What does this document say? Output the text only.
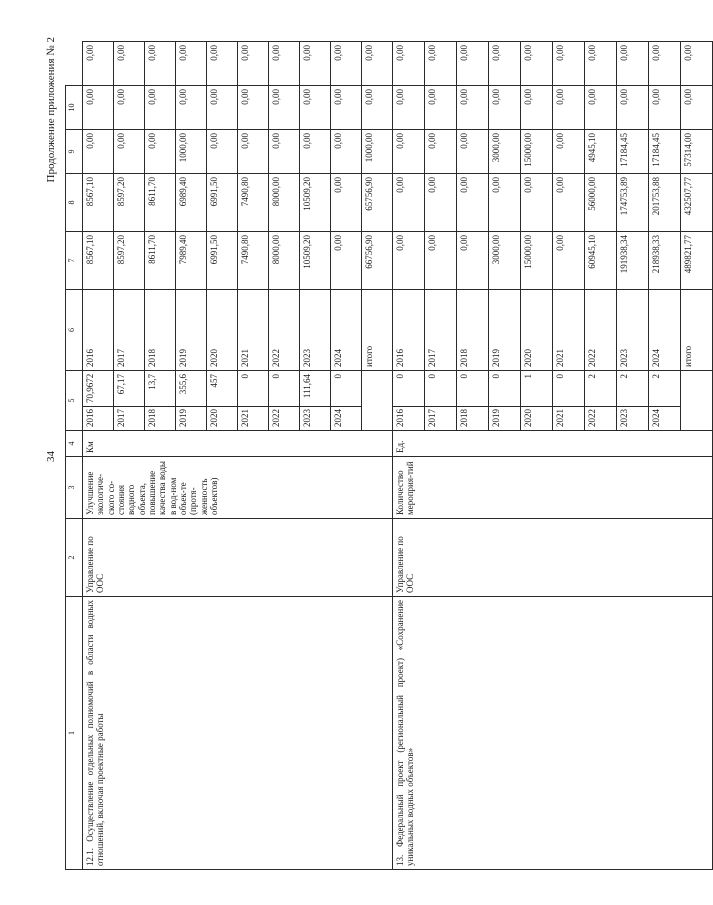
34
Продолжение приложения № 2
1	2	3	4	5		6	7	8	9	10	
12.1. Осуществление отдельных полномочий в области водных отношений, включая проектные работы	Управление по ООС	Улучшение экологиче-ского со-стояния водного объекта, повышение качества воды в вод-ном объек-те (протя-женность объектов)	Км	2016	70,9672	2016	8567,10	8567,10	0,00	0,00	0,00
				2017	67,17	2017	8597,20	8597,20	0,00	0,00	0,00
				2018	13,7	2018	8611,70	8611,70	0,00	0,00	0,00
				2019	355,6	2019	7989,40	6989,40	1000,00	0,00	0,00
				2020	457	2020	6991,50	6991,50	0,00	0,00	0,00
				2021	0	2021	7490,80	7490,80	0,00	0,00	0,00
				2022	0	2022	8000,00	8000,00	0,00	0,00	0,00
				2023	111,64	2023	10509,20	10509,20	0,00	0,00	0,00
				2024	0	2024	0,00	0,00	0,00	0,00	0,00
						итого	66756,90	65756,90	1000,00	0,00	0,00
13. Федеральный проект (региональный проект) «Сохранение уникальных водных объектов»	Управление по ООС	Количество мероприя-тий	Ед.	2016	0	2016	0,00	0,00	0,00	0,00	0,00
				2017	0	2017	0,00	0,00	0,00	0,00	0,00
				2018	0	2018	0,00	0,00	0,00	0,00	0,00
				2019	0	2019	3000,00	0,00	3000,00	0,00	0,00
				2020	1	2020	15000,00	0,00	15000,00	0,00	0,00
				2021	0	2021	0,00	0,00	0,00	0,00	0,00
				2022	2	2022	60945,10	56000,00	4945,10	0,00	0,00
				2023	2	2023	191938,34	174753,89	17184,45	0,00	0,00
				2024	2	2024	218938,33	201753,88	17184,45	0,00	0,00
						итого	489821,77	432507,77	57314,00	0,00	0,00
